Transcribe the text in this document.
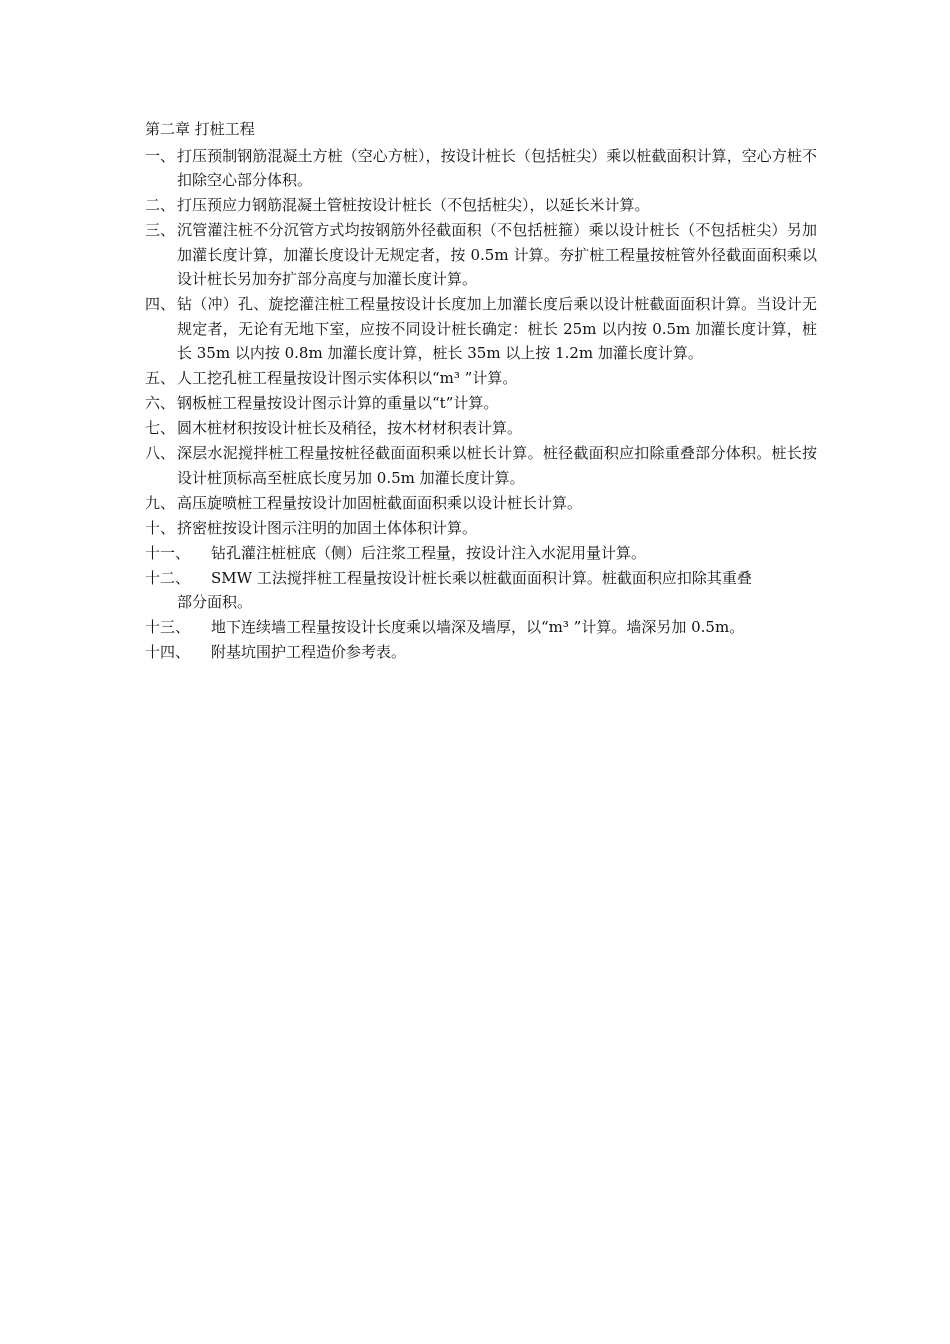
第二章 打桩工程
一、 打压预制钢筋混凝土方桩（空心方桩），按设计桩长（包括桩尖）乘以桩截面积计算，空心方桩不扣除空心部分体积。
二、 打压预应力钢筋混凝土管桩按设计桩长（不包括桩尖），以延长米计算。
三、 沉管灌注桩不分沉管方式均按钢筋外径截面积（不包括桩箍）乘以设计桩长（不包括桩尖）另加加灌长度计算，加灌长度设计无规定者，按 0.5m 计算。夯扩桩工程量按桩管外径截面面积乘以设计桩长另加夯扩部分高度与加灌长度计算。
四、 钻（冲）孔、旋挖灌注桩工程量按设计长度加上加灌长度后乘以设计桩截面面积计算。当设计无规定者，无论有无地下室，应按不同设计桩长确定：桩长 25m 以内按 0.5m 加灌长度计算，桩长 35m 以内按 0.8m 加灌长度计算，桩长 35m 以上按 1.2m 加灌长度计算。
五、 人工挖孔桩工程量按设计图示实体积以“m³ ”计算。
六、 钢板桩工程量按设计图示计算的重量以“t”计算。
七、 圆木桩材积按设计桩长及稍径，按木材材积表计算。
八、 深层水泥搅拌桩工程量按桩径截面面积乘以桩长计算。桩径截面积应扣除重叠部分体积。桩长按设计桩顶标高至桩底长度另加 0.5m 加灌长度计算。
九、 高压旋喷桩工程量按设计加固桩截面面积乘以设计桩长计算。
十、 挤密桩按设计图示注明的加固土体体积计算。
十一、	钻孔灌注桩桩底（侧）后注浆工程量，按设计注入水泥用量计算。
十二、	SMW 工法搅拌桩工程量按设计桩长乘以桩截面面积计算。桩截面积应扣除其重叠
部分面积。
十三、	地下连续墙工程量按设计长度乘以墙深及墙厚，以“m³ ”计算。墙深另加 0.5m。
十四、	附基坑围护工程造价参考表。
